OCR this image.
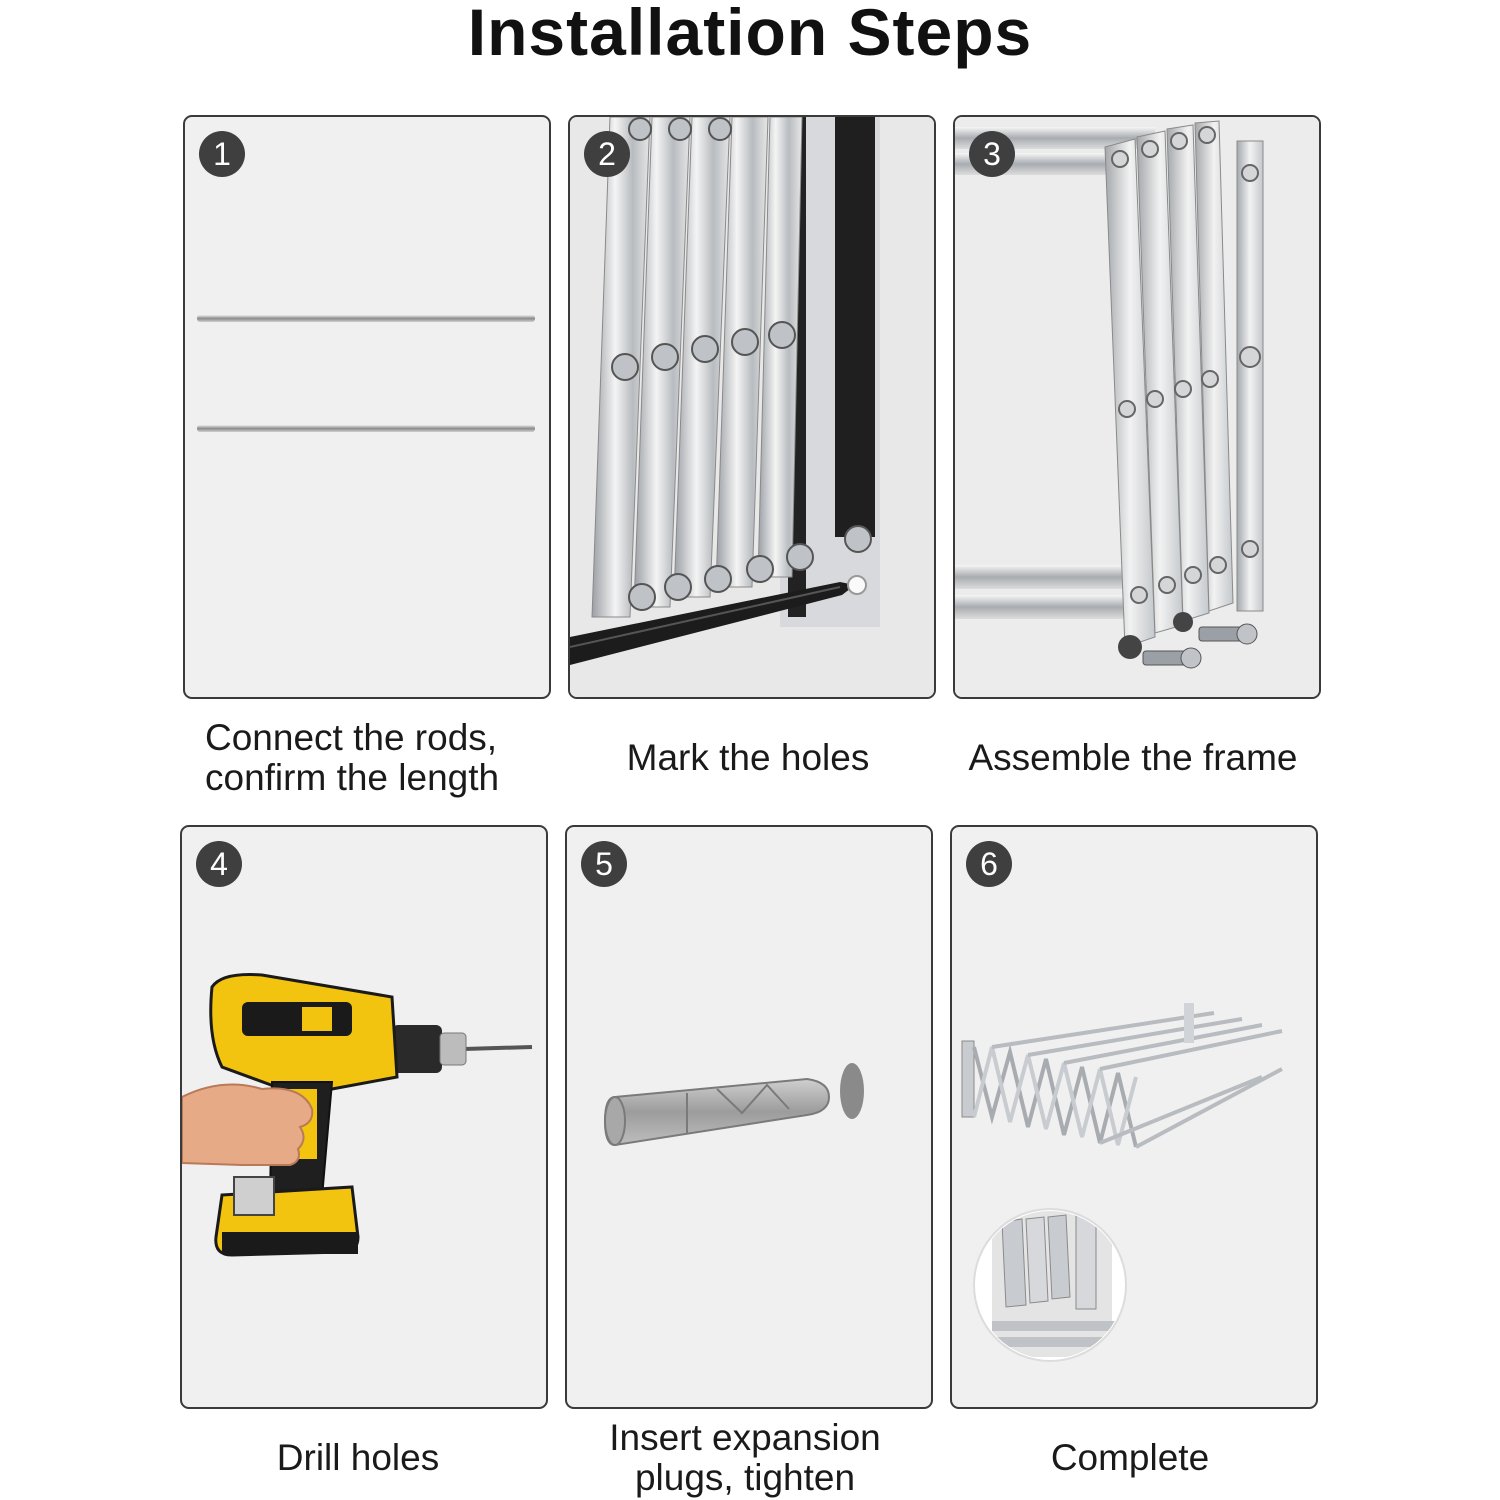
Installation Steps
1
Connect the rods,
confirm the length
2
Mark the holes
3
Assemble the frame
4
Drill holes
5
Insert expansion
plugs, tighten
6
Complete
